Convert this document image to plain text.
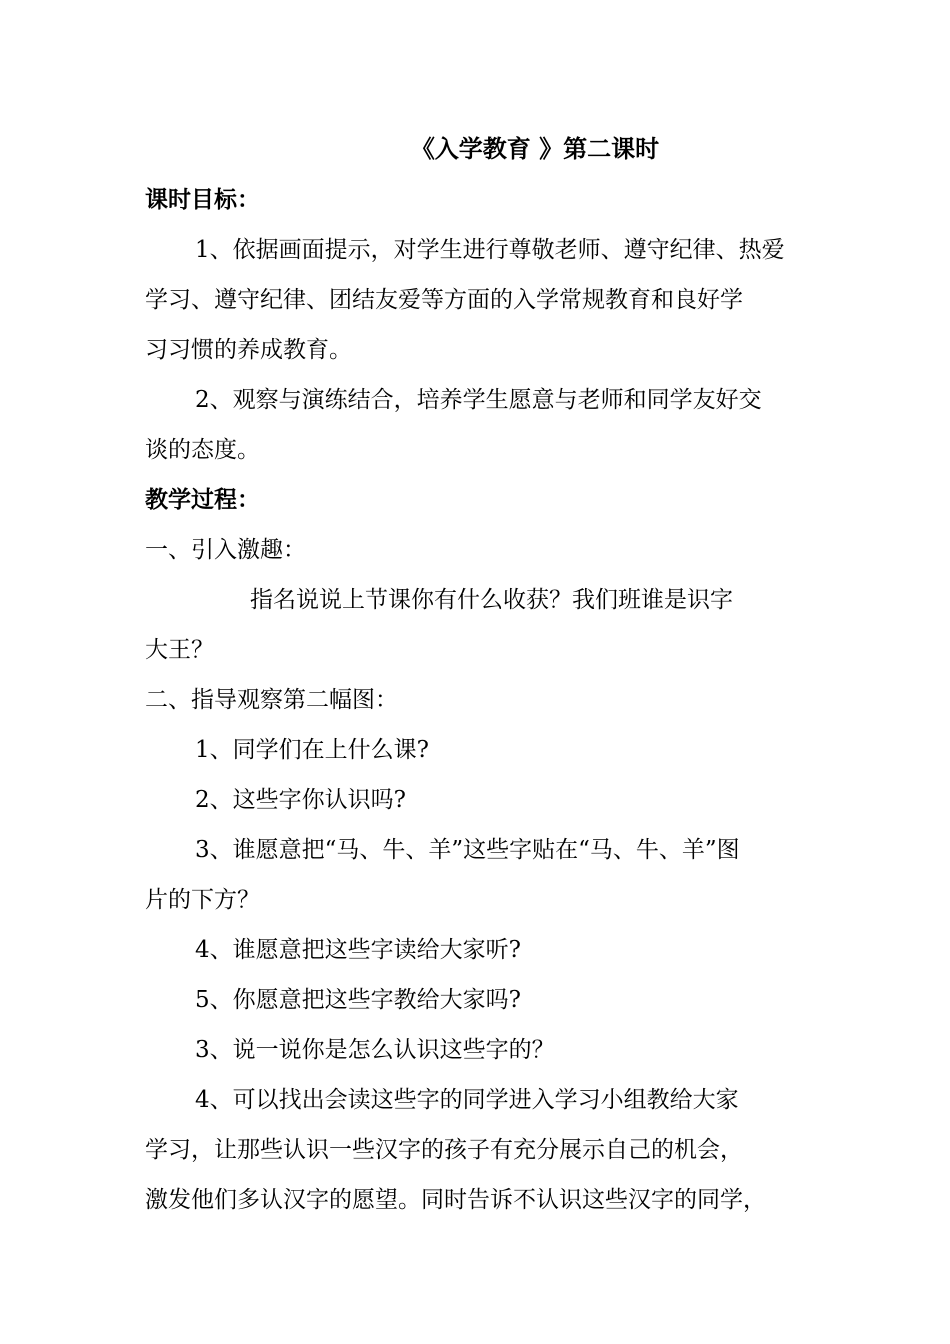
《入学教育 》第二课时
课时目标：
1、依据画面提示，对学生进行尊敬老师、遵守纪律、热爱
学习、遵守纪律、团结友爱等方面的入学常规教育和良好学
习习惯的养成教育。
2、观察与演练结合，培养学生愿意与老师和同学友好交
谈的态度。
教学过程：
一、引入激趣：
指名说说上节课你有什么收获？我们班谁是识字
大王？
二、指导观察第二幅图：
1、同学们在上什么课?
2、这些字你认识吗?
3、谁愿意把“马、牛、羊”这些字贴在“马、牛、羊”图
片的下方？
4、谁愿意把这些字读给大家听?
5、你愿意把这些字教给大家吗?
3、说一说你是怎么认识这些字的？
4、可以找出会读这些字的同学进入学习小组教给大家
学习，让那些认识一些汉字的孩子有充分展示自己的机会，
激发他们多认汉字的愿望。同时告诉不认识这些汉字的同学，
